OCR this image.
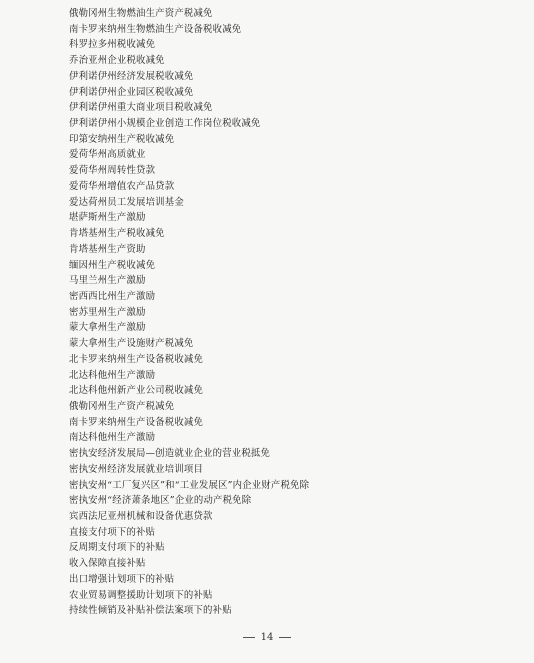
俄勒冈州生物燃油生产资产税减免
南卡罗来纳州生物燃油生产设备税收减免
科罗拉多州税收减免
乔治亚州企业税收减免
伊利诺伊州经济发展税收减免
伊利诺伊州企业园区税收减免
伊利诺伊州重大商业项目税收减免
伊利诺伊州小规模企业创造工作岗位税收减免
印第安纳州生产税收减免
爱荷华州高质就业
爱荷华州周转性贷款
爱荷华州增值农产品贷款
爱达荷州员工发展培训基金
堪萨斯州生产激励
肯塔基州生产税收减免
肯塔基州生产资助
缅因州生产税收减免
马里兰州生产激励
密西西比州生产激励
密苏里州生产激励
蒙大拿州生产激励
蒙大拿州生产设施财产税减免
北卡罗来纳州生产设备税收减免
北达科他州生产激励
北达科他州新产业公司税收减免
俄勒冈州生产资产税减免
南卡罗来纳州生产设备税收减免
南达科他州生产激励
密执安经济发展局—创造就业企业的营业税抵免
密执安州经济发展就业培训项目
密执安州“工厂复兴区”和“工业发展区”内企业财产税免除
密执安州“经济萧条地区”企业的动产税免除
宾西法尼亚州机械和设备优惠贷款
直接支付项下的补贴
反周期支付项下的补贴
收入保障直接补贴
出口增强计划项下的补贴
农业贸易调整援助计划项下的补贴
持续性倾销及补贴补偿法案项下的补贴
14
